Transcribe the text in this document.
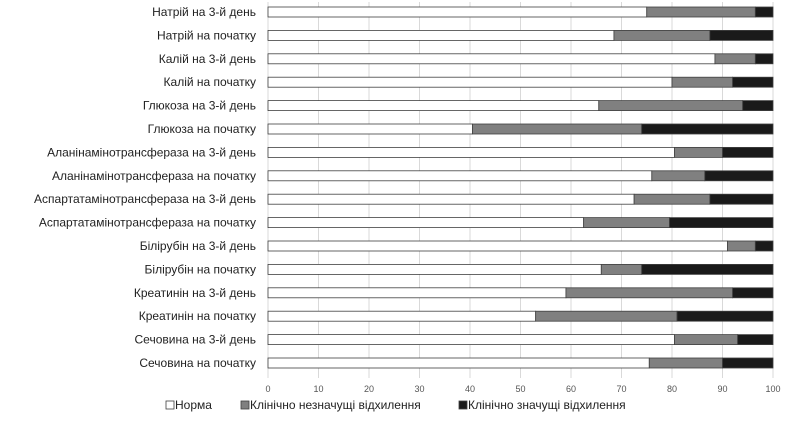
Натрій на 3-й день
Натрій на початку
Калій на 3-й день
Калій на початку
Глюкоза на 3-й день
Глюкоза на початку
Аланінамінотрансфераза на 3-й день
Аланінамінотрансфераза на початку
Аспартатамінотрансфераза на 3-й день
Аспартатамінотрансфераза на початку
Білірубін на 3-й день
Білірубін на початку
Креатинін на 3-й день
Креатинін на початку
Сечовина на 3-й день
Сечовина на початку
0	10	20	30	40	50	60	70	80	90	100
Норма	Клінічно незначущі відхилення	Клінічно значущі відхилення
